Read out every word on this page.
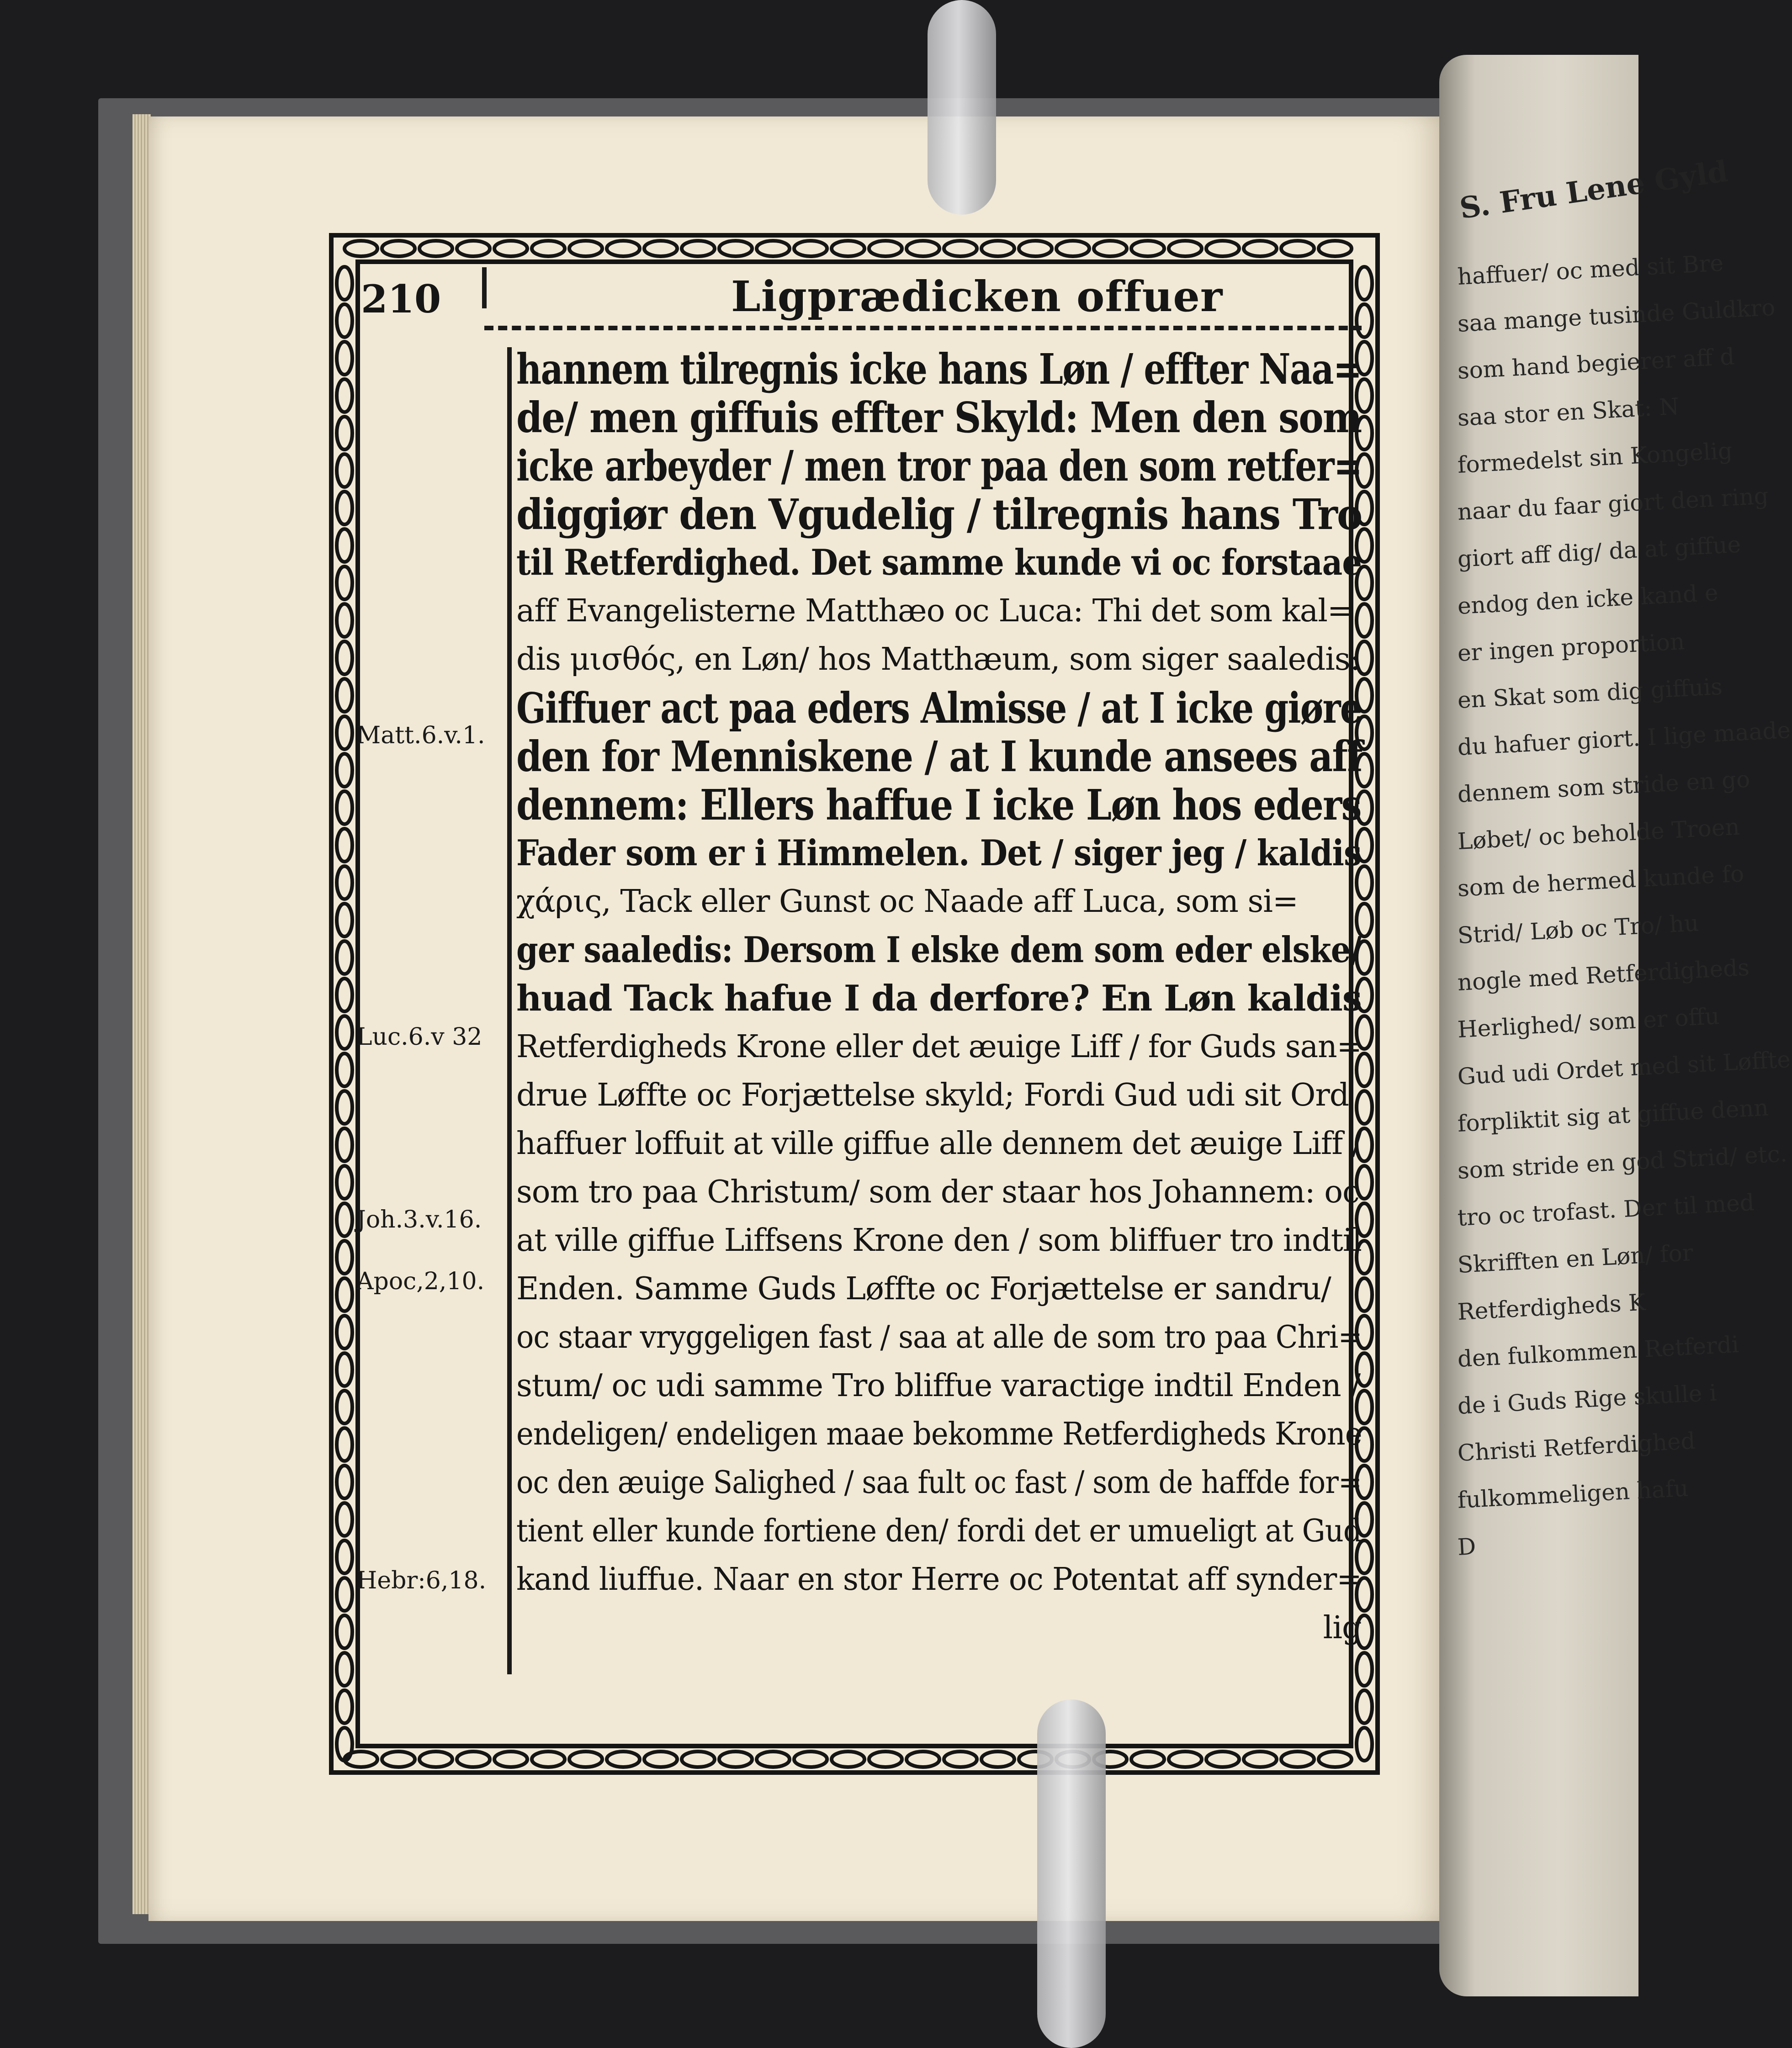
210	Ligprædicken offuer
Matt.6.v.1.
Luc.6.v 32
Joh.3.v.16.
Apoc,2,10.
Hebr:6,18.
hannem tilregnis icke hans Løn / effter Naa=
de/ men giffuis effter Skyld: Men den som
icke arbeyder / men tror paa den som retfer=
diggiør den Vgudelig / tilregnis hans Tro
til Retferdighed. Det samme kunde vi oc forstaae
aff Evangelisterne Matthæo oc Luca: Thi det som kal=
dis μισθός, en Løn/ hos Matthæum, som siger saaledis:
Giffuer act paa eders Almisse / at I icke giøre
den for Menniskene / at I kunde ansees aff
dennem: Ellers haffue I icke Løn hos eders
Fader som er i Himmelen. Det / siger jeg / kaldis
χάρις, Tack eller Gunst oc Naade aff Luca, som si=
ger saaledis: Dersom I elske dem som eder elske/
huad Tack hafue I da derfore? En Løn kaldis
Retferdigheds Krone eller det æuige Liff / for Guds san=
drue Løffte oc Forjættelse skyld; Fordi Gud udi sit Ord
haffuer loffuit at ville giffue alle dennem det æuige Liff /
som tro paa Christum/ som der staar hos Johannem: oc
at ville giffue Liffsens Krone den / som bliffuer tro indtil
Enden. Samme Guds Løffte oc Forjættelse er sandru/
oc staar vryggeligen fast / saa at alle de som tro paa Chri=
stum/ oc udi samme Tro bliffue varactige indtil Enden /
endeligen/ endeligen maae bekomme Retferdigheds Krone
oc den æuige Salighed / saa fult oc fast / som de haffde for=
tient eller kunde fortiene den/ fordi det er umueligt at Gud
kand liuffue. Naar en stor Herre oc Potentat aff synder=
lig
S. Fru Lene Gyld
haffuer/ oc med sit Bre
saa mange tusinde Guldkro
som hand begierer aff d
saa stor en Skat: N
formedelst sin Kongelig
naar du faar giort den ring
giort aff dig/ da at giffue
endog den icke kand e
er ingen proportion
en Skat som dig giffuis
du hafuer giort. I lige maade
dennem som stride en go
Løbet/ oc beholde Troen
som de hermed kunde fo
Strid/ Løb oc Tro/ hu
nogle med Retferdigheds
Herlighed/ som er offu
Gud udi Ordet med sit Løffte
forpliktit sig at giffue denn
som stride en god Strid/ etc.
tro oc trofast. Der til med
Skrifften en Løn/ for
Retferdigheds K
den fulkommen Retferdi
de i Guds Rige skulle i
Christi Retferdighed
fulkommeligen hafu
D
